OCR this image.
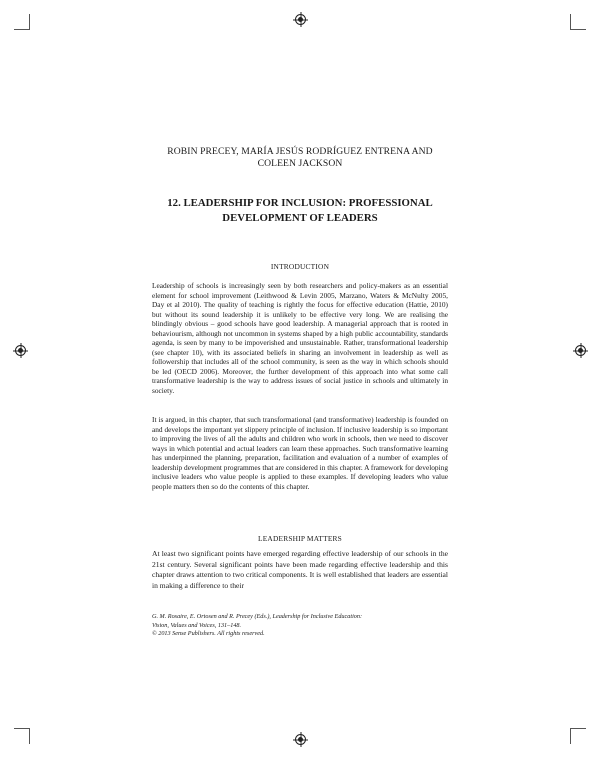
ROBIN PRECEY, MARÍA JESÚS RODRÍGUEZ ENTRENA AND COLEEN JACKSON
12. LEADERSHIP FOR INCLUSION: PROFESSIONAL DEVELOPMENT OF LEADERS
INTRODUCTION

Leadership of schools is increasingly seen by both researchers and policy-makers as an essential element for school improvement (Leithwood & Levin 2005, Marzano, Waters & McNulty 2005, Day et al 2010). The quality of teaching is rightly the focus for effective education (Hattie, 2010) but without its sound leadership it is unlikely to be effective very long. We are realising the blindingly obvious – good schools have good leadership. A managerial approach that is rooted in behaviourism, although not uncommon in systems shaped by a high public accountability, standards agenda, is seen by many to be impoverished and unsustainable. Rather, transformational leadership (see chapter 10), with its associated beliefs in sharing an involvement in leadership as well as followership that includes all of the school community, is seen as the way in which schools should be led (OECD 2006). Moreover, the further development of this approach into what some call transformative leadership is the way to address issues of social justice in schools and ultimately in society.

It is argued, in this chapter, that such transformational (and transformative) leadership is founded on and develops the important yet slippery principle of inclusion. If inclusive leadership is so important to improving the lives of all the adults and children who work in schools, then we need to discover ways in which potential and actual leaders can learn these approaches. Such transformative learning has underpinned the planning, preparation, facilitation and evaluation of a number of examples of leadership development programmes that are considered in this chapter. A framework for developing inclusive leaders who value people is applied to these examples. If developing leaders who value people matters then so do the contents of this chapter.

LEADERSHIP MATTERS

At least two significant points have emerged regarding effective leadership of our schools in the 21st century. Several significant points have been made regarding effective leadership and this chapter draws attention to two critical components. It is well established that leaders are essential in making a difference to their

G. M. Rosaire, E. Ortosen and R. Precey (Eds.), Leadership for Inclusive Education:
Vision, Values and Voices, 131–148.
© 2013 Sense Publishers. All rights reserved.
